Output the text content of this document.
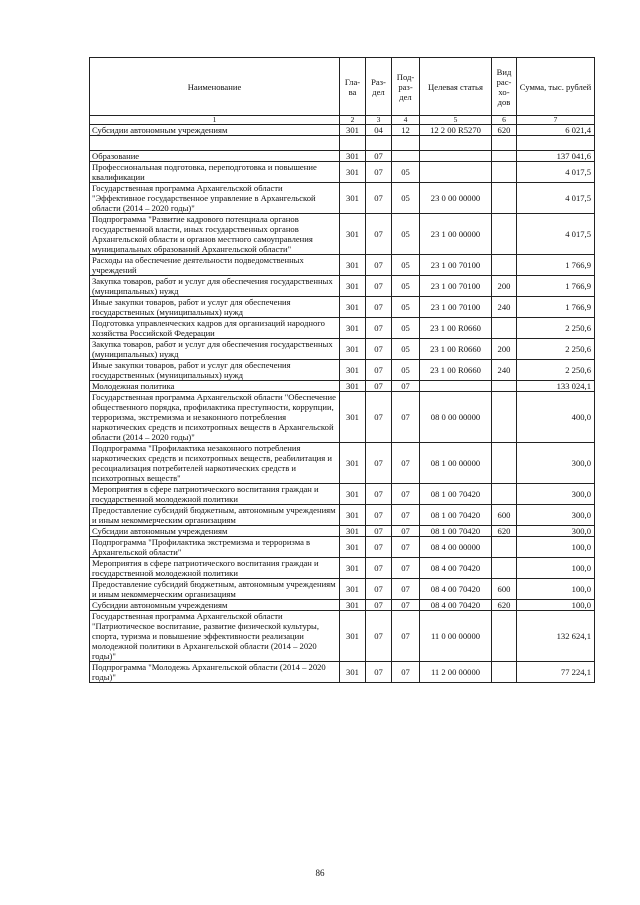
Наименование	Гла-ва	Раз-дел	Под-раз-дел	Целевая статья	Вид рас-хо-дов	Сумма, тыс. рублей
1	2	3	4	5	6	7
Субсидии автономным учреждениям	301	04	12	12 2 00 R5270	620	6 021,4

Образование	301	07				137 041,6
Профессиональная подготовка, переподготовка и повышение квалификации	301	07	05			4 017,5
Государственная программа Архангельской области "Эффективное государственное управление в Архангельской области (2014 – 2020 годы)"	301	07	05	23 0 00 00000		4 017,5
Подпрограмма "Развитие кадрового потенциала органов государственной власти, иных государственных органов Архангельской области и органов местного самоуправления муниципальных образований Архангельской области"	301	07	05	23 1 00 00000		4 017,5
Расходы на обеспечение деятельности подведомственных учреждений	301	07	05	23 1 00 70100		1 766,9
Закупка товаров, работ и услуг для обеспечения государственных (муниципальных) нужд	301	07	05	23 1 00 70100	200	1 766,9
Иные закупки товаров, работ и услуг для обеспечения государственных (муниципальных) нужд	301	07	05	23 1 00 70100	240	1 766,9
Подготовка управленческих кадров для организаций народного хозяйства Российской Федерации	301	07	05	23 1 00 R0660		2 250,6
Закупка товаров, работ и услуг для обеспечения государственных (муниципальных) нужд	301	07	05	23 1 00 R0660	200	2 250,6
Иные закупки товаров, работ и услуг для обеспечения государственных (муниципальных) нужд	301	07	05	23 1 00 R0660	240	2 250,6
Молодежная политика	301	07	07			133 024,1
Государственная программа Архангельской области "Обеспечение общественного порядка, профилактика преступности, коррупции, терроризма, экстремизма и незаконного потребления наркотических средств и психотропных веществ в Архангельской области (2014 – 2020 годы)"	301	07	07	08 0 00 00000		400,0
Подпрограмма "Профилактика незаконного потребления наркотических средств и психотропных веществ, реабилитация и ресоциализация потребителей наркотических средств и психотропных веществ"	301	07	07	08 1 00 00000		300,0
Мероприятия в сфере патриотического воспитания граждан и государственной молодежной политики	301	07	07	08 1 00 70420		300,0
Предоставление субсидий бюджетным, автономным учреждениям и иным некоммерческим организациям	301	07	07	08 1 00 70420	600	300,0
Субсидии автономным учреждениям	301	07	07	08 1 00 70420	620	300,0
Подпрограмма "Профилактика экстремизма и терроризма в Архангельской области"	301	07	07	08 4 00 00000		100,0
Мероприятия в сфере патриотического воспитания граждан и государственной молодежной политики	301	07	07	08 4 00 70420		100,0
Предоставление субсидий бюджетным, автономным учреждениям и иным некоммерческим организациям	301	07	07	08 4 00 70420	600	100,0
Субсидии автономным учреждениям	301	07	07	08 4 00 70420	620	100,0
Государственная программа Архангельской области "Патриотическое воспитание, развитие физической культуры, спорта, туризма и повышение эффективности реализации молодежной политики в Архангельской области (2014 – 2020 годы)"	301	07	07	11 0 00 00000		132 624,1
Подпрограмма "Молодежь Архангельской области (2014 – 2020 годы)"	301	07	07	11 2 00 00000		77 224,1
86
